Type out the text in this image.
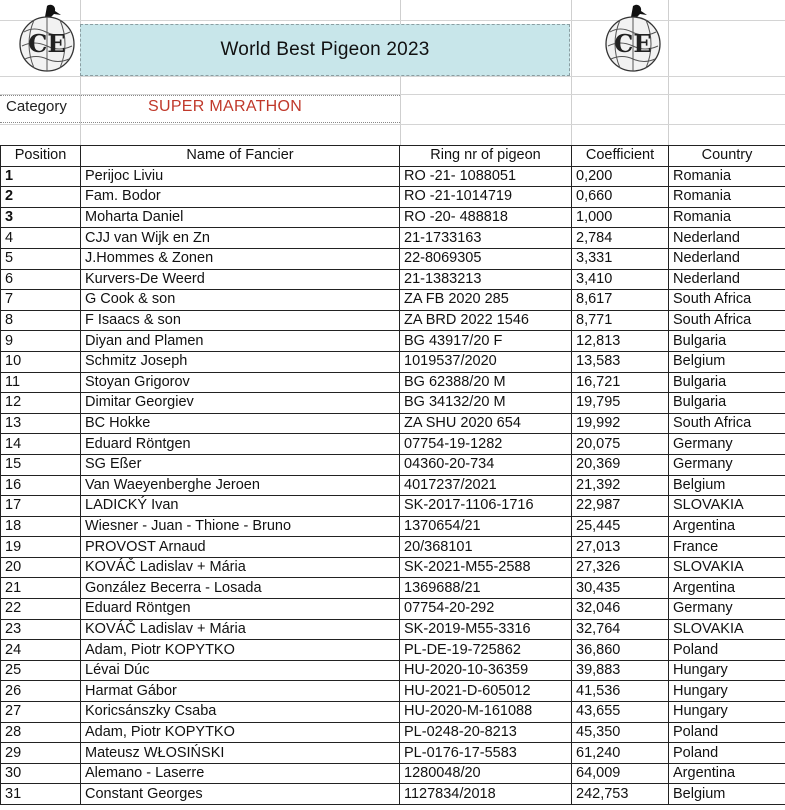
CE	CE
World Best Pigeon 2023
Category	SUPER MARATHON
Position	Name of Fancier	Ring nr of pigeon	Coefficient	Country
1	Perijoc Liviu	RO -21- 1088051	0,200	Romania
2	Fam. Bodor	RO -21-1014719	0,660	Romania
3	Moharta Daniel	RO -20- 488818	1,000	Romania
4	CJJ van Wijk en Zn	21-1733163	2,784	Nederland
5	J.Hommes & Zonen	22-8069305	3,331	Nederland
6	Kurvers-De Weerd	21-1383213	3,410	Nederland
7	G Cook & son	ZA FB 2020 285	8,617	South Africa
8	F Isaacs & son	ZA BRD 2022 1546	8,771	South Africa
9	Diyan and Plamen	BG 43917/20 F	12,813	Bulgaria
10	Schmitz Joseph	1019537/2020	13,583	Belgium
11	Stoyan Grigorov	BG 62388/20 M	16,721	Bulgaria
12	Dimitar Georgiev	BG 34132/20 M	19,795	Bulgaria
13	BC Hokke	ZA SHU 2020 654	19,992	South Africa
14	Eduard Röntgen	07754-19-1282	20,075	Germany
15	SG Eßer	04360-20-734	20,369	Germany
16	Van Waeyenberghe Jeroen	4017237/2021	21,392	Belgium
17	LADICKÝ Ivan	SK-2017-1106-1716	22,987	SLOVAKIA
18	Wiesner - Juan - Thione - Bruno	1370654/21	25,445	Argentina
19	PROVOST Arnaud	20/368101	27,013	France
20	KOVÁČ Ladislav + Mária	SK-2021-M55-2588	27,326	SLOVAKIA
21	González Becerra - Losada	1369688/21	30,435	Argentina
22	Eduard Röntgen	07754-20-292	32,046	Germany
23	KOVÁČ Ladislav + Mária	SK-2019-M55-3316	32,764	SLOVAKIA
24	Adam, Piotr KOPYTKO	PL-DE-19-725862	36,860	Poland
25	Lévai Dúc	HU-2020-10-36359	39,883	Hungary
26	Harmat Gábor	HU-2021-D-605012	41,536	Hungary
27	Koricsánszky Csaba	HU-2020-M-161088	43,655	Hungary
28	Adam, Piotr KOPYTKO	PL-0248-20-8213	45,350	Poland
29	Mateusz WŁOSIŃSKI	PL-0176-17-5583	61,240	Poland
30	Alemano - Laserre	1280048/20	64,009	Argentina
31	Constant Georges	1127834/2018	242,753	Belgium
